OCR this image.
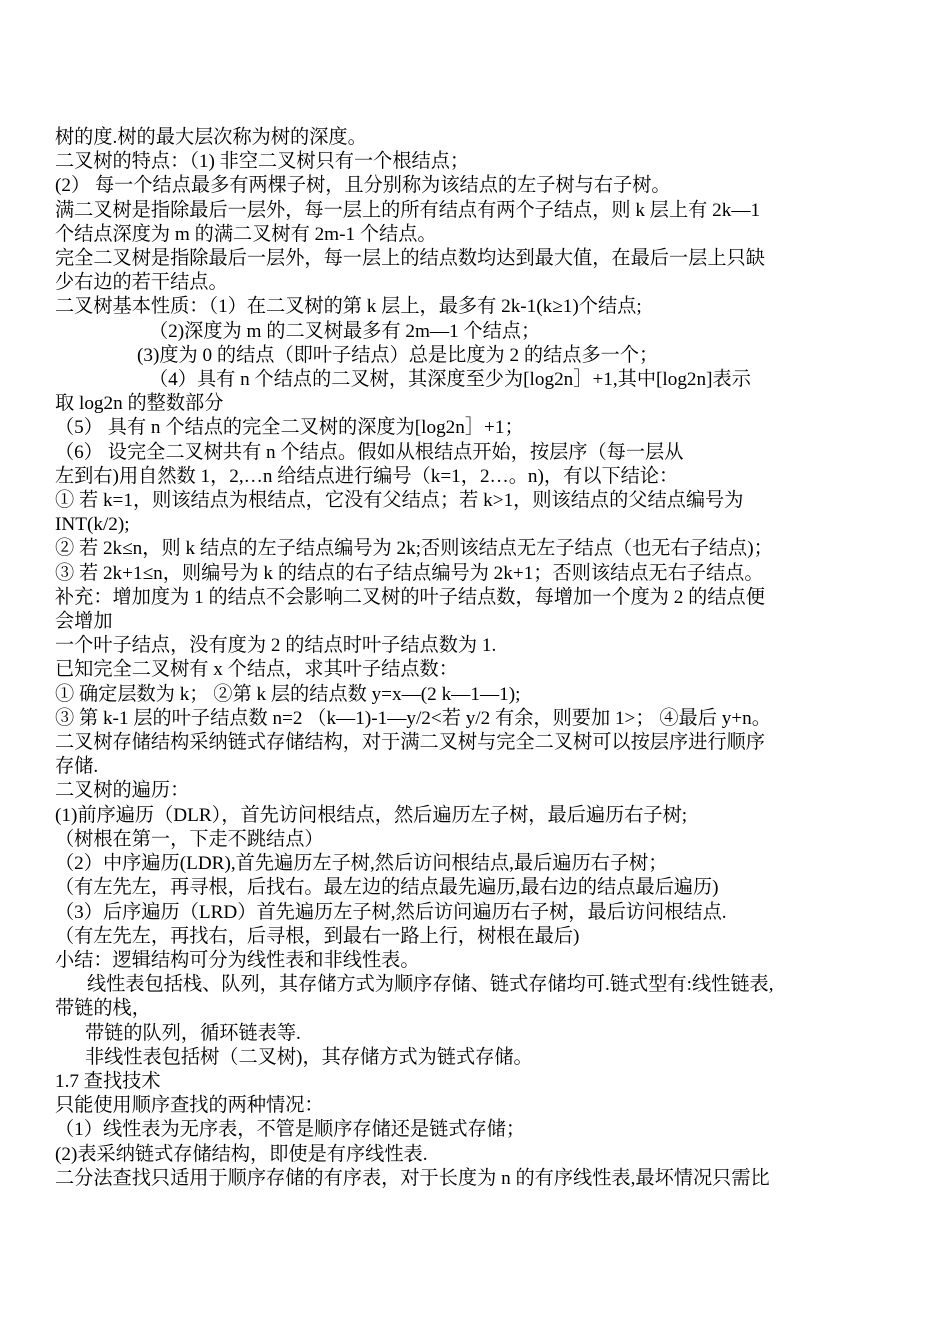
树的度.树的最大层次称为树的深度。
二叉树的特点：（1) 非空二叉树只有一个根结点；
(2） 每一个结点最多有两棵子树，且分别称为该结点的左子树与右子树。
满二叉树是指除最后一层外，每一层上的所有结点有两个子结点，则 k 层上有 2k—1
个结点深度为 m 的满二叉树有 2m-1 个结点。
完全二叉树是指除最后一层外，每一层上的结点数均达到最大值，在最后一层上只缺
少右边的若干结点。
二叉树基本性质：（1）在二叉树的第 k 层上，最多有 2k-1(k≥1)个结点;
（2)深度为 m 的二叉树最多有 2m—1 个结点；
(3)度为 0 的结点（即叶子结点）总是比度为 2 的结点多一个；
（4）具有 n 个结点的二叉树，其深度至少为[log2n］+1,其中[log2n]表示
取 log2n 的整数部分
（5） 具有 n 个结点的完全二叉树的深度为[log2n］+1；
（6） 设完全二叉树共有 n 个结点。假如从根结点开始，按层序（每一层从
左到右)用自然数 1，2,…n 给结点进行编号（k=1，2…。n)，有以下结论：
① 若 k=1，则该结点为根结点，它没有父结点；若 k>1，则该结点的父结点编号为
INT(k/2);
② 若 2k≤n，则 k 结点的左子结点编号为 2k;否则该结点无左子结点（也无右子结点)；
③ 若 2k+1≤n，则编号为 k 的结点的右子结点编号为 2k+1；否则该结点无右子结点。
补充：增加度为 1 的结点不会影响二叉树的叶子结点数，每增加一个度为 2 的结点便
会增加
一个叶子结点，没有度为 2 的结点时叶子结点数为 1.
已知完全二叉树有 x 个结点，求其叶子结点数：
① 确定层数为 k； ②第 k 层的结点数 y=x—(2 k—1—1);
③ 第 k-1 层的叶子结点数 n=2 （k—1)-1—y/2<若 y/2 有余，则要加 1>； ④最后 y+n。
二叉树存储结构采纳链式存储结构，对于满二叉树与完全二叉树可以按层序进行顺序
存储.
二叉树的遍历：
(1)前序遍历（DLR），首先访问根结点，然后遍历左子树，最后遍历右子树;
（树根在第一，下走不跳结点）
（2）中序遍历(LDR),首先遍历左子树,然后访问根结点,最后遍历右子树；
（有左先左，再寻根，后找右。最左边的结点最先遍历,最右边的结点最后遍历)
（3）后序遍历（LRD）首先遍历左子树,然后访问遍历右子树，最后访问根结点.
（有左先左，再找右，后寻根，到最右一路上行，树根在最后)
小结：逻辑结构可分为线性表和非线性表。
线性表包括栈、队列，其存储方式为顺序存储、链式存储均可.链式型有:线性链表,
带链的栈，
带链的队列，循环链表等.
非线性表包括树（二叉树)，其存储方式为链式存储。
1.7 查找技术
只能使用顺序查找的两种情况：
（1）线性表为无序表，不管是顺序存储还是链式存储；
(2)表采纳链式存储结构，即使是有序线性表.
二分法查找只适用于顺序存储的有序表，对于长度为 n 的有序线性表,最坏情况只需比
